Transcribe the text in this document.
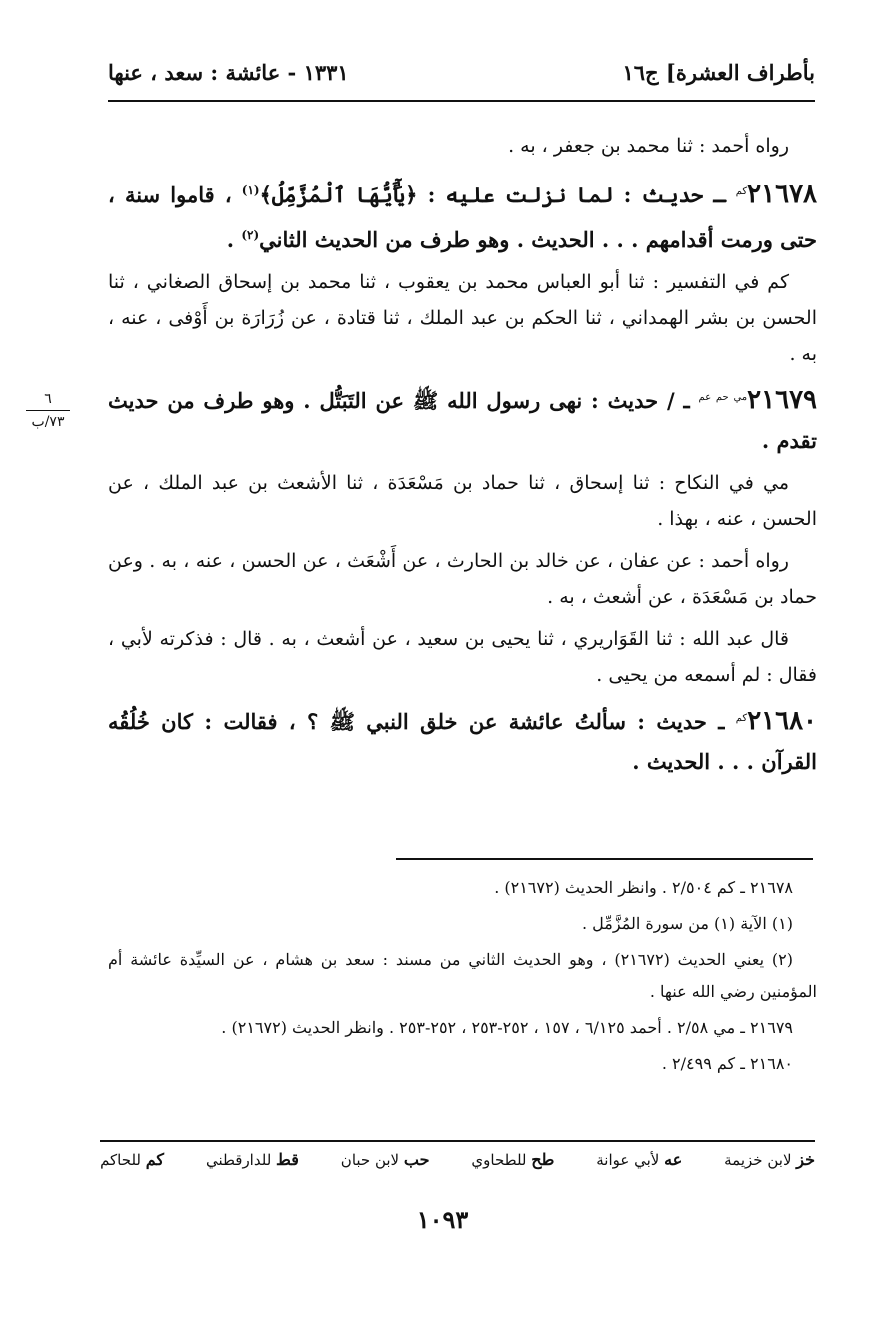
بأطراف العشرة] ج١٦
١٣٣١ - عائشة : سعد ، عنها
٦
٧٣/ب

رواه أحمد : ثنا محمد بن جعفر ، به .

$٢١٦٧٨^{كم}$ ـ حديث : لما نزلت عليه : ﴿يَٰٓأَيُّهَا ٱلْمُزَّمِّلُ﴾$^{(١)}$ ، قاموا سنة ، حتى ورمت أقدامهم . . . الحديث . وهو طرف من الحديث الثاني$^{(٢)}$ .

كم في التفسير : ثنا أبو العباس محمد بن يعقوب ، ثنا محمد بن إسحاق الصغاني ، ثنا الحسن بن بشر الهمداني ، ثنا الحكم بن عبد الملك ، ثنا قتادة ، عن زُرَارَة بن أَوْفى ، عنه ، به .

$٢١٦٧٩^{مي حم عم}$ ـ / حديث : نهى رسول الله ﷺ عن التَبَتُّل . وهو طرف من حديث تقدم .

مي في النكاح : ثنا إسحاق ، ثنا حماد بن مَسْعَدَة ، ثنا الأشعث بن عبد الملك ، عن الحسن ، عنه ، بهذا .

رواه أحمد : عن عفان ، عن خالد بن الحارث ، عن أَشْعَث ، عن الحسن ، عنه ، به . وعن حماد بن مَسْعَدَة ، عن أشعث ، به .

قال عبد الله : ثنا القَوَاريري ، ثنا يحيى بن سعيد ، عن أشعث ، به . قال : فذكرته لأبي ، فقال : لم أسمعه من يحيى .

$٢١٦٨٠^{كم}$ ـ حديث : سألتُ عائشة عن خلق النبي ﷺ ؟ ، فقالت : كان خُلُقُه القرآن . . . الحديث .

٢١٦٧٨ ـ كم ٢/٥٠٤ . وانظر الحديث (٢١٦٧٢) .

(١) الآية (١) من سورة المُزَّمِّل .

(٢) يعني الحديث (٢١٦٧٢) ، وهو الحديث الثاني من مسند : سعد بن هشام ، عن السيِّدة عائشة أم المؤمنين رضي الله عنها .

٢١٦٧٩ ـ مي ٢/٥٨ . أحمد ٦/١٢٥ ، ١٥٧ ، ٢٥٢-٢٥٣ ، ٢٥٢-٢٥٣ . وانظر الحديث (٢١٦٧٢) .

٢١٦٨٠ ـ كم ٢/٤٩٩ .

خز لابن خزيمة
عه لأبي عوانة
طح للطحاوي
حب لابن حبان
قط للدارقطني
كم للحاكم
١٠٩٣
